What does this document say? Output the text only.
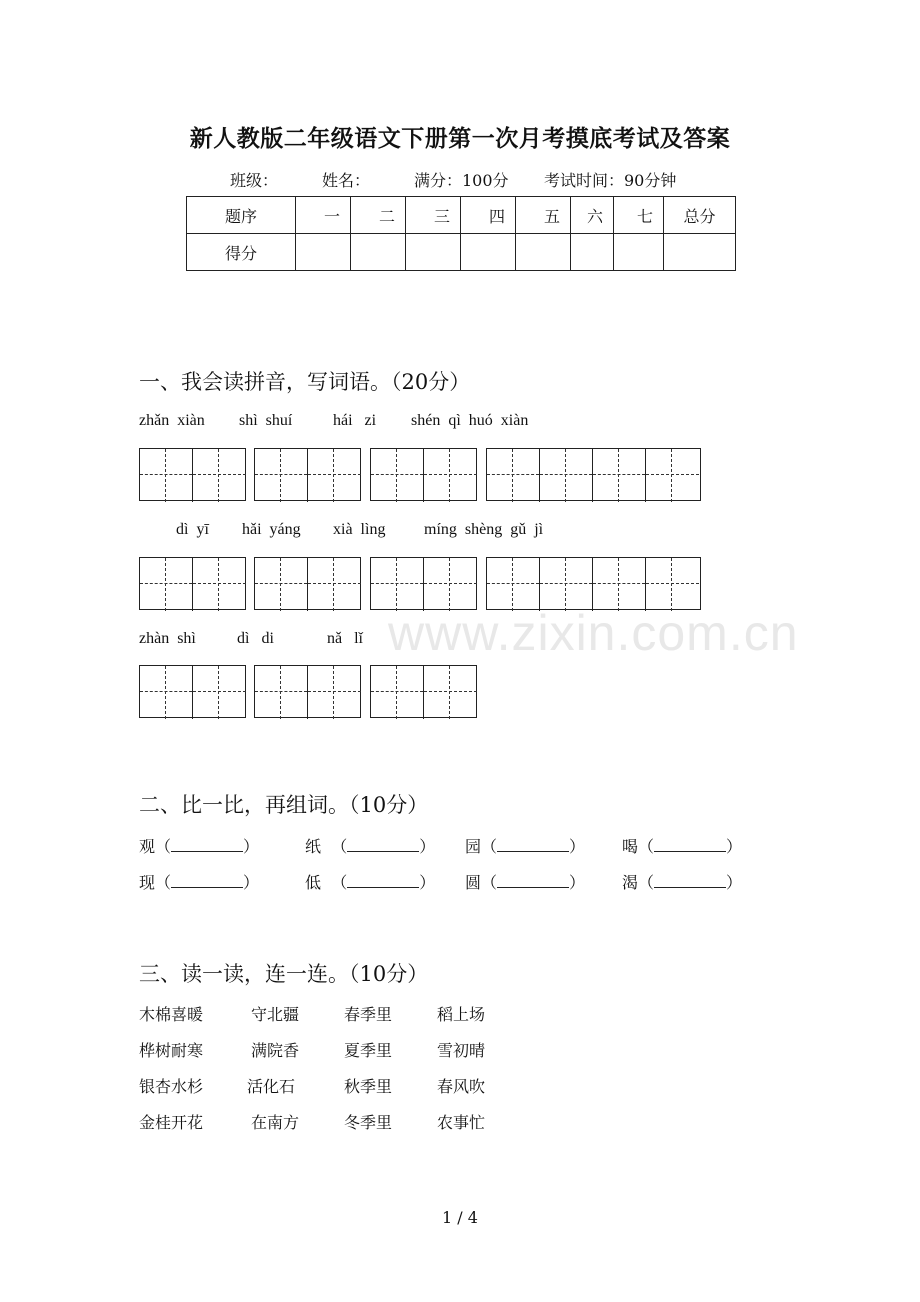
新人教版二年级语文下册第一次月考摸底考试及答案
班级：	姓名：	满分：100分 考试时间：90分钟
题序	一	二	三	四	五	六	七	总分
得分								
一、我会读拼音，写词语。（20分）
zhǎn  xiàn shì  shuí	hái   zi shén  qì  huó  xiàn
dì  yī hǎi  yáng xià  lìng míng  shèng  gǔ  jì
www.zixin.com.cn
zhàn  shì	dì   di	nǎ   lǐ
二、比一比，再组词。（10分）
观（	）	纸 （	） 园（	） 喝（	）
现（	）	低 （	） 圆（	） 渴（	）
三、读一读，连一连。（10分）
木棉喜暖	守北疆	春季里	稻上场
桦树耐寒	满院香	夏季里	雪初晴
银杏水杉	活化石	秋季里	春风吹
金桂开花	在南方	冬季里	农事忙
1 / 4
